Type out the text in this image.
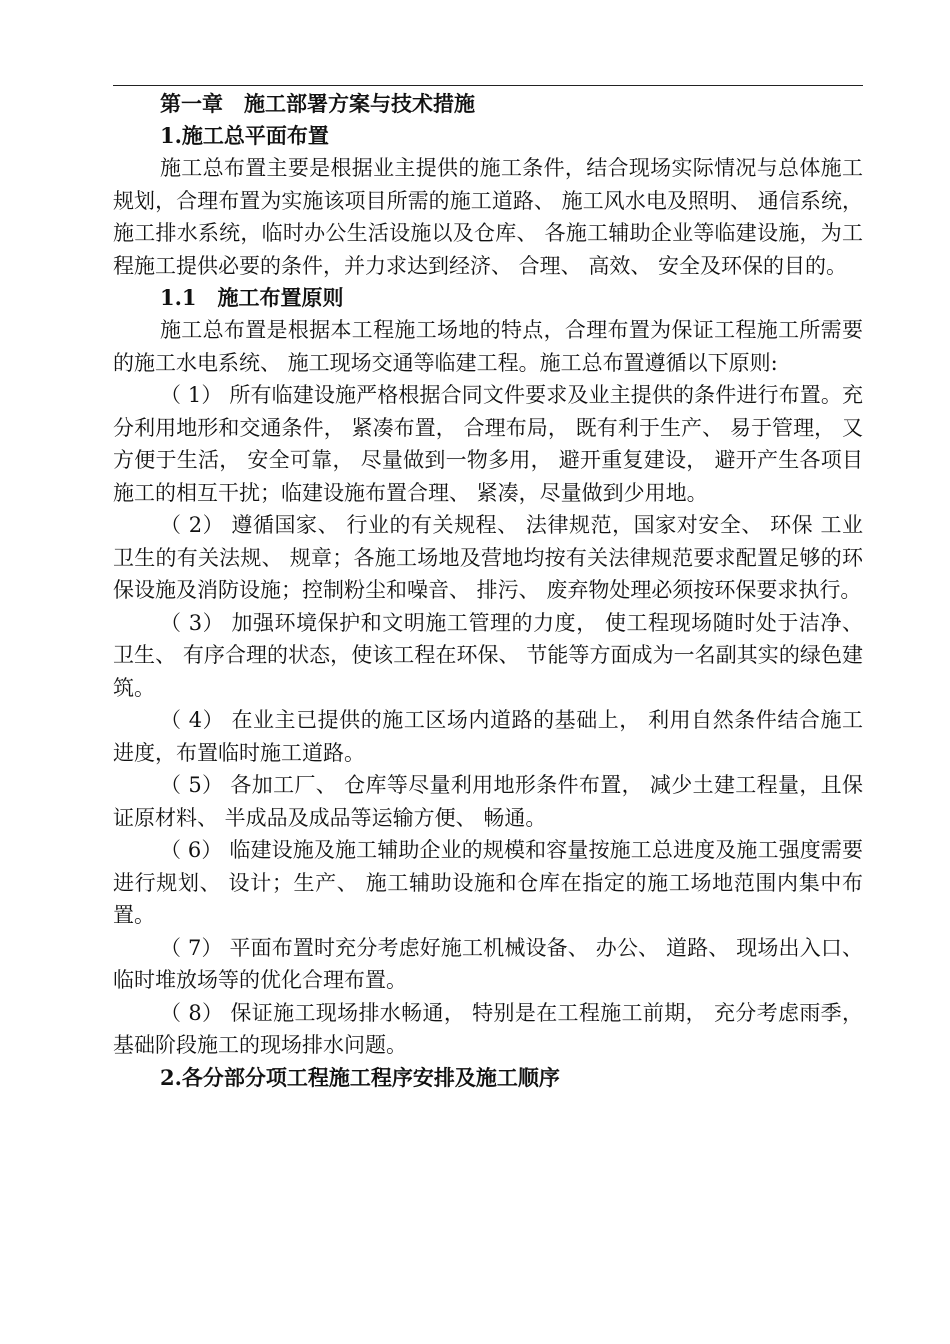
第一章　施工部署方案与技术措施
1.施工总平面布置

施工总布置主要是根据业主提供的施工条件，结合现场实际情况与总体施工规划，合理布置为实施该项目所需的施工道路、 施工风水电及照明、 通信系统，施工排水系统，临时办公生活设施以及仓库、 各施工辅助企业等临建设施，为工程施工提供必要的条件，并力求达到经济、 合理、 高效、 安全及环保的目的。

1.1　施工布置原则

施工总布置是根据本工程施工场地的特点，合理布置为保证工程施工所需要的施工水电系统、 施工现场交通等临建工程。施工总布置遵循以下原则:

（ 1） 所有临建设施严格根据合同文件要求及业主提供的条件进行布置。充分利用地形和交通条件， 紧凑布置， 合理布局， 既有利于生产、 易于管理， 又方便于生活， 安全可靠， 尽量做到一物多用， 避开重复建设， 避开产生各项目施工的相互干扰；临建设施布置合理、 紧凑，尽量做到少用地。

（ 2） 遵循国家、 行业的有关规程、 法律规范，国家对安全、 环保 工业卫生的有关法规、 规章；各施工场地及营地均按有关法律规范要求配置足够的环保设施及消防设施；控制粉尘和噪音、 排污、 废弃物处理必须按环保要求执行。

（ 3） 加强环境保护和文明施工管理的力度， 使工程现场随时处于洁净、 卫生、 有序合理的状态，使该工程在环保、 节能等方面成为一名副其实的绿色建筑。

（ 4） 在业主已提供的施工区场内道路的基础上， 利用自然条件结合施工进度，布置临时施工道路。

（ 5） 各加工厂、 仓库等尽量利用地形条件布置， 减少土建工程量，且保证原材料、 半成品及成品等运输方便、 畅通。

（ 6） 临建设施及施工辅助企业的规模和容量按施工总进度及施工强度需要进行规划、 设计；生产、 施工辅助设施和仓库在指定的施工场地范围内集中布置。

（ 7） 平面布置时充分考虑好施工机械设备、 办公、 道路、 现场出入口、 临时堆放场等的优化合理布置。

（ 8） 保证施工现场排水畅通， 特别是在工程施工前期， 充分考虑雨季，基础阶段施工的现场排水问题。

2.各分部分项工程施工程序安排及施工顺序
